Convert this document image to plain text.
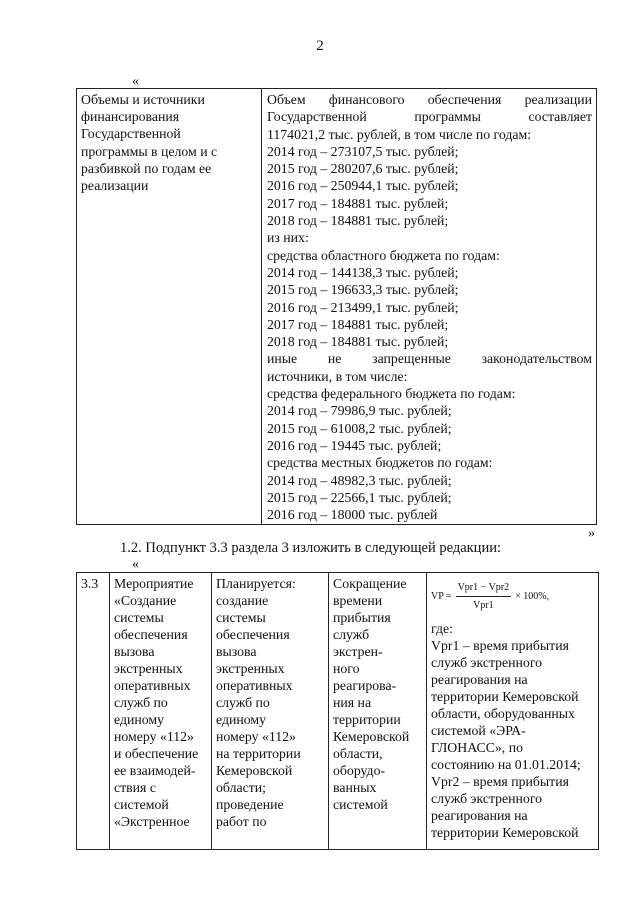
2
«
Объемы и источники
финансирования
Государственной
программы в целом и с
разбивкой по годам ее
реализации

Объем финансового обеспечения реализации
Государственной программы составляет
1174021,2 тыс. рублей, в том числе по годам:
2014 год – 273107,5 тыс. рублей;
2015 год – 280207,6 тыс. рублей;
2016 год – 250944,1 тыс. рублей;
2017 год – 184881 тыс. рублей;
2018 год – 184881 тыс. рублей;
из них:
средства областного бюджета по годам:
2014 год – 144138,3 тыс. рублей;
2015 год – 196633,3 тыс. рублей;
2016 год – 213499,1 тыс. рублей;
2017 год – 184881 тыс. рублей;
2018 год – 184881 тыс. рублей;
иные не запрещенные законодательством
источники, в том числе:
средства федерального бюджета по годам:
2014 год – 79986,9 тыс. рублей;
2015 год – 61008,2 тыс. рублей;
2016 год – 19445 тыс. рублей;
средства местных бюджетов по годам:
2014 год – 48982,3 тыс. рублей;
2015 год – 22566,1 тыс. рублей;
2016 год – 18000 тыс. рублей
»
1.2. Подпункт 3.3 раздела 3 изложить в следующей редакции:
«
3.3	Мероприятие
«Создание
системы
обеспечения
вызова
экстренных
оперативных
служб по
единому
номеру «112»
и обеспечение
ее взаимодей-
ствия с
системой
«Экстренное

Планируется:
создание
системы
обеспечения
вызова
экстренных
оперативных
служб по
единому
номеру «112»
на территории
Кемеровской
области;
проведение
работ по

Сокращение
времени
прибытия
служб
экстрен-
ного
реагирова-
ния на
территории
Кемеровской
области,
оборудо-
ванных
системой

VP = $\frac{\text{Vpr1 − Vpr2}}{\text{Vpr1}} \times 100\%$,
где:
Vpr1 – время прибытия
служб экстренного
реагирования на
территории Кемеровской
области, оборудованных
системой «ЭРА-
ГЛОНАСС», по
состоянию на 01.01.2014;
Vpr2 – время прибытия
служб экстренного
реагирования на
территории Кемеровской
